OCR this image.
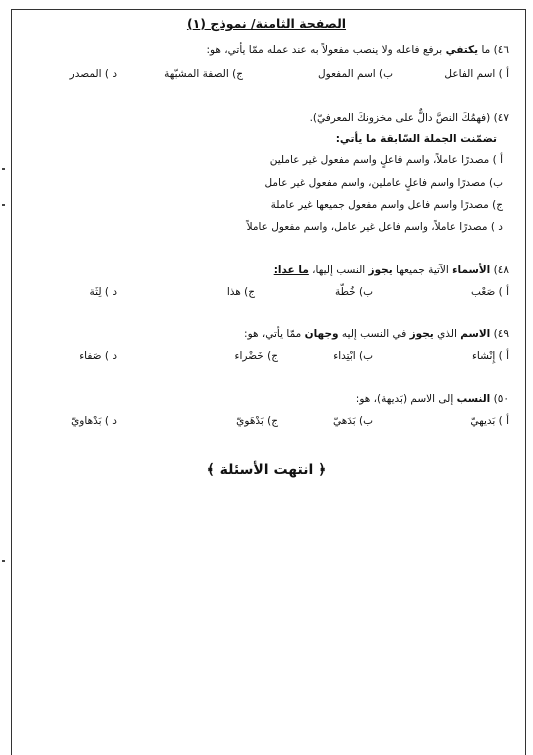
الصفحة الثامنة/ نموذج (١)
٤٦) ما يكتفي برفع فاعله ولا ينصب مفعولاً به عند عمله ممّا يأتي، هو:
أ ) اسم الفاعل
ب) اسم المفعول
ج) الصفة المشبّهة
د ) المصدر
٤٧) (فهمُكَ النصَّ دالٌّ على مخزونكَ المعرفيّ).
تضمّنت الجملة السّابقة ما يأتي:
أ ) مصدرًا عاملاً، واسم فاعلٍ واسم مفعول غير عاملين
ب) مصدرًا واسم فاعلٍ عاملين، واسم مفعول غير عامل
ج) مصدرًا واسم فاعل واسم مفعول جميعها غير عاملة
د ) مصدرًا عاملاً، واسم فاعل غير عامل، واسم مفعول عاملاً
٤٨) الأسماء الآتية جميعها يجوز النسب إليها، ما عدا:
أ ) صَعْب
ب) خُطّة
ج) هذا
د ) لِثَة
٤٩) الاسم الذي يجوز في النسب إليه وجهان ممّا يأتي، هو:
أ ) إِنْشاء
ب) ابْتِداء
ج) خَضْراء
د ) صَفاء
٥٠) النسب إلى الاسم (بَديهة)، هو:
أ ) بَديهيّ
ب) بَدَهيّ
ج) بَدْهَويّ
د ) بَدْهاويّ
﴿ انتهت الأسئلة ﴾
